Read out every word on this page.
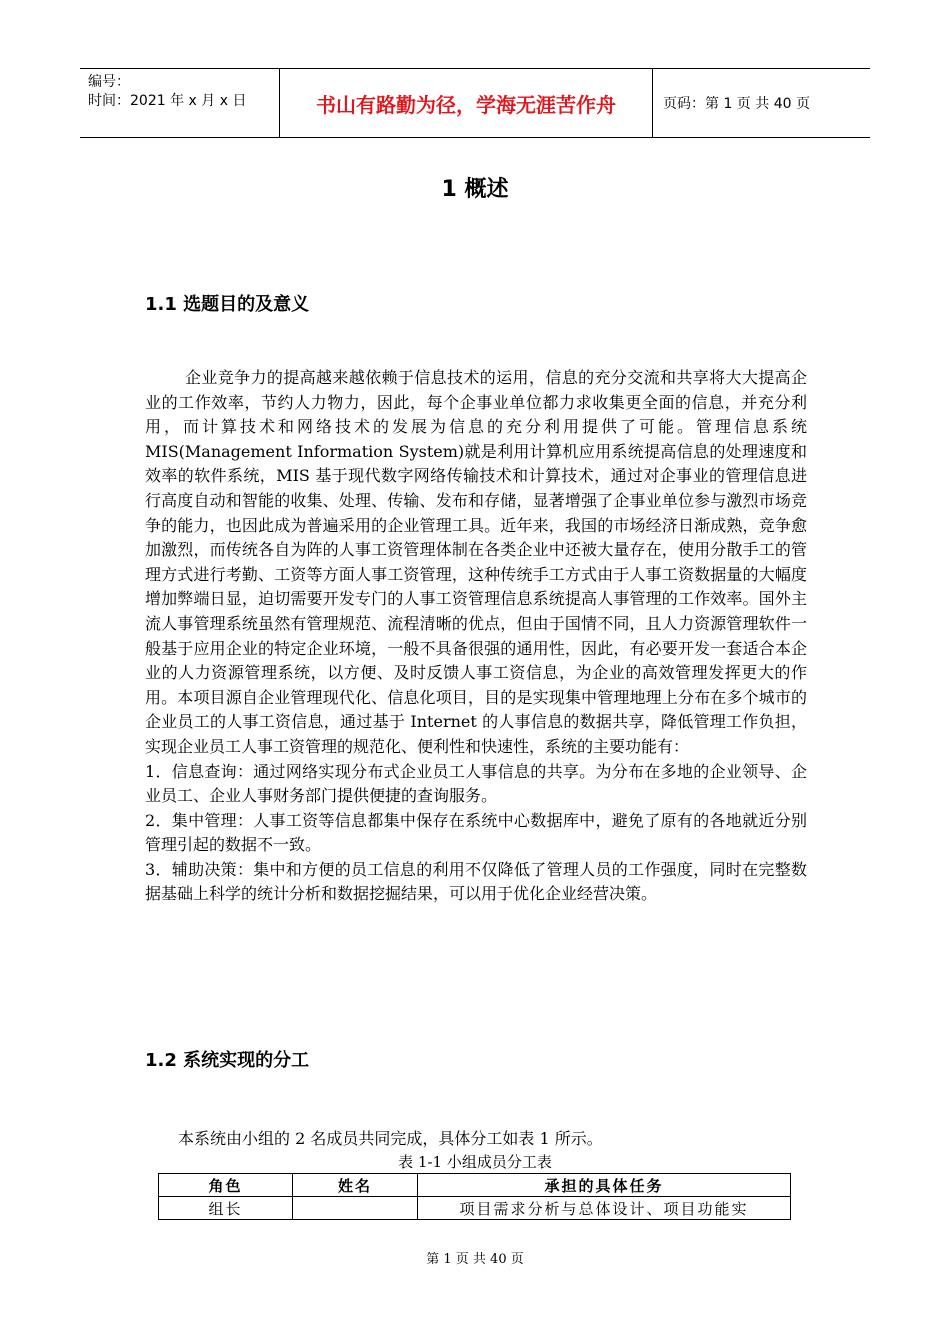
编号：
时间：2021 年 x 月 x 日	书山有路勤为径，学海无涯苦作舟	页码：第 1 页 共 40 页
1 概述
1.1 选题目的及意义

企业竞争力的提高越来越依赖于信息技术的运用，信息的充分交流和共享将大大提高企业的工作效率，节约人力物力，因此，每个企事业单位都力求收集更全面的信息，并充分利用，而计算技术和网络技术的发展为信息的充分利用提供了可能。管理信息系统 MIS(Management Information System)就是利用计算机应用系统提高信息的处理速度和效率的软件系统，MIS 基于现代数字网络传输技术和计算技术，通过对企事业的管理信息进行高度自动和智能的收集、处理、传输、发布和存储，显著增强了企事业单位参与激烈市场竞争的能力，也因此成为普遍采用的企业管理工具。近年来，我国的市场经济日渐成熟，竞争愈加激烈，而传统各自为阵的人事工资管理体制在各类企业中还被大量存在，使用分散手工的管理方式进行考勤、工资等方面人事工资管理，这种传统手工方式由于人事工资数据量的大幅度增加弊端日显，迫切需要开发专门的人事工资管理信息系统提高人事管理的工作效率。国外主流人事管理系统虽然有管理规范、流程清晰的优点，但由于国情不同，且人力资源管理软件一般基于应用企业的特定企业环境，一般不具备很强的通用性，因此，有必要开发一套适合本企业的人力资源管理系统，以方便、及时反馈人事工资信息，为企业的高效管理发挥更大的作用。本项目源自企业管理现代化、信息化项目，目的是实现集中管理地理上分布在多个城市的企业员工的人事工资信息，通过基于 Internet 的人事信息的数据共享，降低管理工作负担，实现企业员工人事工资管理的规范化、便利性和快速性，系统的主要功能有：

1．信息查询：通过网络实现分布式企业员工人事信息的共享。为分布在多地的企业领导、企业员工、企业人事财务部门提供便捷的查询服务。

2．集中管理：人事工资等信息都集中保存在系统中心数据库中，避免了原有的各地就近分别管理引起的数据不一致。

3．辅助决策：集中和方便的员工信息的利用不仅降低了管理人员的工作强度，同时在完整数据基础上科学的统计分析和数据挖掘结果，可以用于优化企业经营决策。

1.2 系统实现的分工
本系统由小组的 2 名成员共同完成，具体分工如表 1 所示。
表 1-1 小组成员分工表
角色	姓名	承担的具体任务
组长		项目需求分析与总体设计、项目功能实
第 1 页 共 40 页
